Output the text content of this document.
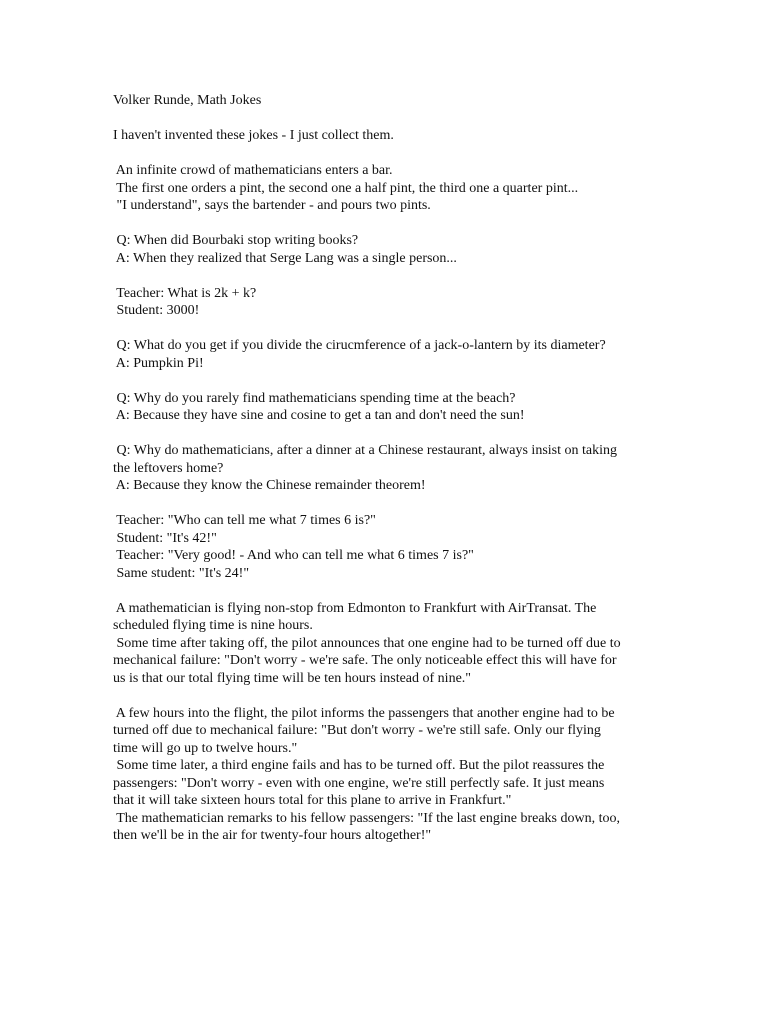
Volker Runde, Math Jokes
I haven't invented these jokes - I just collect them.
An infinite crowd of mathematicians enters a bar.
The first one orders a pint, the second one a half pint, the third one a quarter pint...
"I understand", says the bartender - and pours two pints.
Q: When did Bourbaki stop writing books?
A: When they realized that Serge Lang was a single person...
Teacher: What is 2k + k?
Student: 3000!
Q: What do you get if you divide the cirucmference of a jack-o-lantern by its diameter?
A: Pumpkin Pi!
Q: Why do you rarely find mathematicians spending time at the beach?
A: Because they have sine and cosine to get a tan and don't need the sun!
Q: Why do mathematicians, after a dinner at a Chinese restaurant, always insist on taking
the leftovers home?
A: Because they know the Chinese remainder theorem!
Teacher: "Who can tell me what 7 times 6 is?"
Student: "It's 42!"
Teacher: "Very good! - And who can tell me what 6 times 7 is?"
Same student: "It's 24!"
A mathematician is flying non-stop from Edmonton to Frankfurt with AirTransat. The
scheduled flying time is nine hours.
Some time after taking off, the pilot announces that one engine had to be turned off due to
mechanical failure: "Don't worry - we're safe. The only noticeable effect this will have for
us is that our total flying time will be ten hours instead of nine."
A few hours into the flight, the pilot informs the passengers that another engine had to be
turned off due to mechanical failure: "But don't worry - we're still safe. Only our flying
time will go up to twelve hours."
Some time later, a third engine fails and has to be turned off. But the pilot reassures the
passengers: "Don't worry - even with one engine, we're still perfectly safe. It just means
that it will take sixteen hours total for this plane to arrive in Frankfurt."
The mathematician remarks to his fellow passengers: "If the last engine breaks down, too,
then we'll be in the air for twenty-four hours altogether!"
